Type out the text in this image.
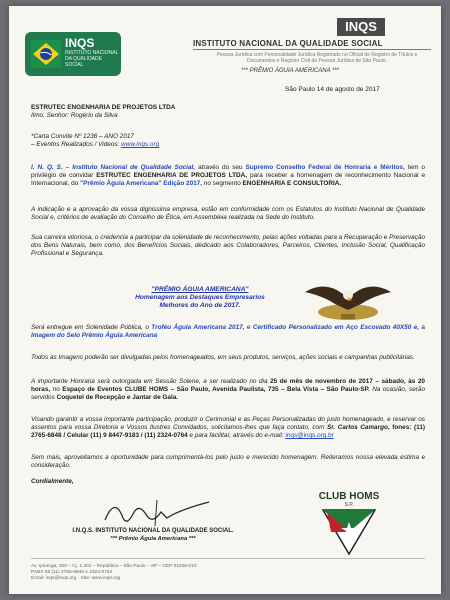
INQS
INSTITUTO NACIONAL DA QUALIDADE SOCIAL
INQS
INSTITUTO NACIONAL DA QUALIDADE SOCIAL
Pessoa Jurídica com Personalidade Jurídica Registrado no Oficial de Registro de Títulos e Documentos e Registro Civil de Pessoa Jurídica de São Paulo.
*** PRÊMIO ÁGUIA AMERICANA ***
São Paulo 14 de agosto de 2017
ESTRUTEC ENGENHARIA DE PROJETOS LTDA
Ilmo. Senhor: Rogério da Silva
*Carta Convite Nº 1236 – ANO 2017
– Eventos Realizados / Videos: www.inqs.org
I. N. Q. S. – Instituto Nacional de Qualidade Social, através do seu Supremo Conselho Federal de Honraria e Méritos, tem o privilégio de convidar ESTRUTEC ENGENHARIA DE PROJETOS LTDA, para receber a homenagem de reconhecimento Nacional e Internacional, do "Prêmio Águia Americana" Edição 2017, no segmento ENGENHARIA E CONSULTORIA.
A indicação e a aprovação da vossa dignissima empresa, estão em conformidade com os Estatutos do Instituto Nacional de Qualidade Social e, critérios de avaliação do Conselho de Ética, em Assembleia realizada na Sede do Instituto.
Sua carreira vitoriosa, o credencia a participar da solenidade de reconhecimento, pelas ações voltadas para a Recuperação e Preservação dos Bens Naturais, bem como, dos Benefícios Sociais, dedicado aos Colaboradores, Parceiros, Clientes, Inclusão Social, Qualificação Profissional e Segurança.
"PRÊMIO ÁGUIA AMERICANA"
Homenagem aos Destaques Empresarios
Melhores do Ano de 2017.
Será entregue em Solenidade Pública, o Troféu Águia Americana 2017, e Certificado Personalizado em Aço Escovado 40X50 e, a Imagem do Selo Prêmio Águia Americana
Todos as Imagens poderão ser divulgadas pelos homenageados, em seus produtos, serviços, ações sociais e campanhas publicitárias.
A importante Honraria será outorgada em Sessão Solene, a ser realizado no dia 25 de mês de novembro de 2017 – sábado, às 20 horas, no Espaço de Eventos CLUBE HOMS – São Paulo, Avenida Paulista, 735 – Bela Vista – São Paulo-SP. Na ocasião, serão servidos Coquetel de Recepção e Jantar de Gala.
Visando garantir a vossa importante participação, produzir o Cerimonial e as Peças Personalizadas do justo homenageado, e reservar os assentos para vossa Diretoria e Vossos Ilustres Convidados, solicitamos-lhes que faça contato, com Sr. Carlos Camargo, fones: (11) 2765-6848 / Celular (11) 9 8447-9183 / (11) 2324-0764 e para facilitar, através do e-mail: inqs@inqs.org.br
Sem mais, aproveitamos a oportunidade para cumprimentá-los pelo justo e merecido homenagem. Reiteramos nossa elevada estima e consideração.
Cordialmente,
I.N.Q.S. INSTITUTO NACIONAL DA QUALIDADE SOCIAL.
*** Prêmio Águia Americana ***
CLUB HOMS
S.P.
Av. Ipiranga, 200 – Cj. 1.302 – República – São Paulo – SP – CEP 01046-010
PABX 55 (11) 2765-6848 e 2324-0764
Email: inqs@inqs.org · Site: www.inqs.org
